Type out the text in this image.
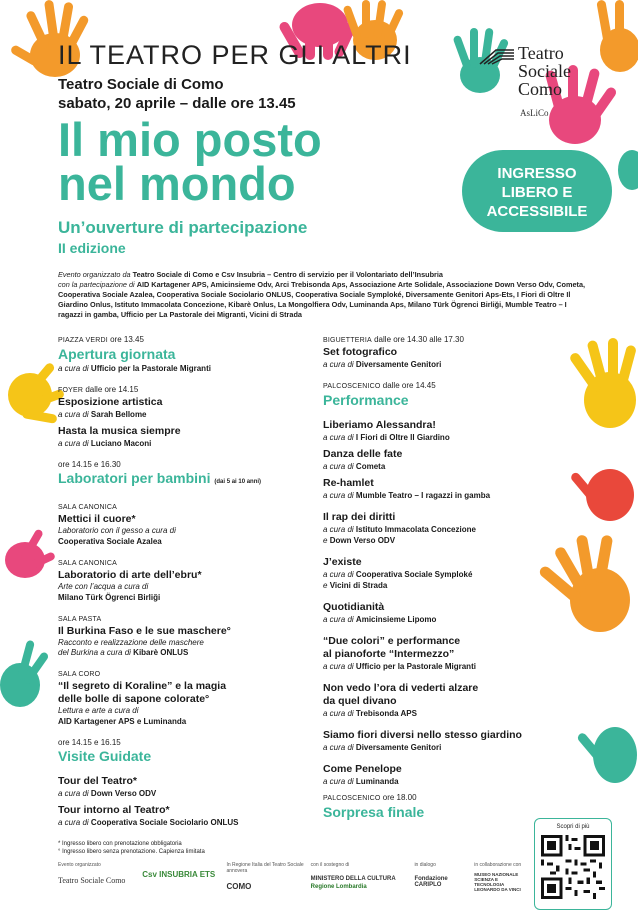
IL TEATRO PER GLI ALTRI
Teatro Sociale di Como
sabato, 20 aprile – dalle ore 13.45
Il mio posto
nel mondo
Un’ouverture di partecipazione
II edizione
Teatro
Sociale
Como
AsLiCo
INGRESSO
LIBERO E
ACCESSIBILE
Evento organizzato da Teatro Sociale di Como e Csv Insubria – Centro di servizio per il Volontariato dell’Insubria
con la partecipazione di AID Kartagener APS, Amicinsieme Odv, Arci Trebisonda Aps, Associazione Arte Solidale, Associazione Down Verso Odv, Cometa, Cooperativa Sociale Azalea, Cooperativa Sociale Sociolario ONLUS, Cooperativa Sociale Symploké, Diversamente Genitori Aps-Ets, I Fiori di Oltre Il Giardino Onlus, Istituto Immacolata Concezione, Kibarè Onlus, La Mongolfiera Odv, Luminanda Aps, Milano Türk Ögrenci Birliği, Mumble Teatro – I ragazzi in gamba, Ufficio per La Pastorale dei Migranti, Vicini di Strada
PIAZZA VERDI ore 13.45
Apertura giornata
a cura di Ufficio per la Pastorale Migranti
FOYER dalle ore 14.15
Esposizione artistica
a cura di Sarah Bellome
Hasta la musica siempre
a cura di Luciano Maconi
ore 14.15 e 16.30
Laboratori per bambini (dai 5 ai 10 anni)
SALA CANONICA
Mettici il cuore*
Laboratorio con il gesso a cura di
Cooperativa Sociale Azalea
SALA CANONICA
Laboratorio di arte dell’ebru*
Arte con l’acqua a cura di
Milano Türk Ögrenci Birliği
SALA PASTA
Il Burkina Faso e le sue maschere°
Racconto e realizzazione delle maschere
del Burkina a cura di Kibarè ONLUS
SALA CORO
“Il segreto di Koraline” e la magia
delle bolle di sapone colorate°
Lettura e arte a cura di
AID Kartagener APS e Luminanda
ore 14.15 e 16.15
Visite Guidate
Tour del Teatro*
a cura di Down Verso ODV
Tour intorno al Teatro*
a cura di Cooperativa Sociale Sociolario ONLUS
BIGUETTERIA dalle ore 14.30 alle 17.30
Set fotografico
a cura di Diversamente Genitori
PALCOSCENICO dalle ore 14.45
Performance
Liberiamo Alessandra!
a cura di I Fiori di Oltre Il Giardino
Danza delle fate
a cura di Cometa
Re-hamlet
a cura di Mumble Teatro – I ragazzi in gamba
Il rap dei diritti
a cura di Istituto Immacolata Concezione
e Down Verso ODV
J’existe
a cura di Cooperativa Sociale Symploké
e Vicini di Strada
Quotidianità
a cura di Amicinsieme Lipomo
“Due colori” e performance
al pianoforte “Intermezzo”
a cura di Ufficio per la Pastorale Migranti
Non vedo l’ora di vederti alzare
da quel divano
a cura di Trebisonda APS
Siamo fiori diversi nello stesso giardino
a cura di Diversamente Genitori
Come Penelope
a cura di Luminanda
PALCOSCENICO ore 18.00
Sorpresa finale
* Ingresso libero con prenotazione obbligatoria
° Ingresso libero senza prenotazione. Capienza limitata
Evento organizzato
Teatro Sociale Como
Csv INSUBRIA ETS
In Regione Italia del Teatro Sociale annovera
COMO
con il sostegno di
MINISTERO DELLA CULTURA
Regione Lombardia
in dialogo
Fondazione CARIPLO
in collaborazione con
MUSEO NAZIONALE SCIENZA E TECNOLOGIA LEONARDO DA VINCI
Scopri di più
